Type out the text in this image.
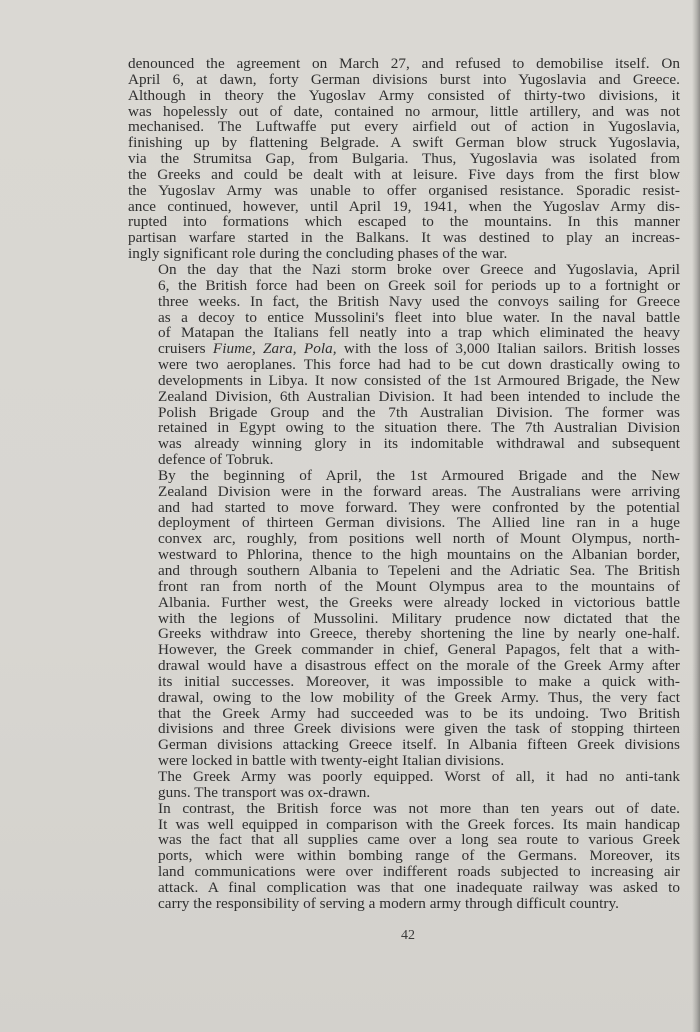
denounced the agreement on March 27, and refused to demobilise itself. On
April 6, at dawn, forty German divisions burst into Yugoslavia and Greece.
Although in theory the Yugoslav Army consisted of thirty-two divisions, it
was hopelessly out of date, contained no armour, little artillery, and was not
mechanised. The Luftwaffe put every airfield out of action in Yugoslavia,
finishing up by flattening Belgrade. A swift German blow struck Yugoslavia,
via the Strumitsa Gap, from Bulgaria. Thus, Yugoslavia was isolated from
the Greeks and could be dealt with at leisure. Five days from the first blow
the Yugoslav Army was unable to offer organised resistance. Sporadic resist-
ance continued, however, until April 19, 1941, when the Yugoslav Army dis-
rupted into formations which escaped to the mountains. In this manner
partisan warfare started in the Balkans. It was destined to play an increas-
ingly significant role during the concluding phases of the war.
On the day that the Nazi storm broke over Greece and Yugoslavia, April
6, the British force had been on Greek soil for periods up to a fortnight or
three weeks. In fact, the British Navy used the convoys sailing for Greece
as a decoy to entice Mussolini's fleet into blue water. In the naval battle
of Matapan the Italians fell neatly into a trap which eliminated the heavy
cruisers Fiume, Zara, Pola, with the loss of 3,000 Italian sailors. British losses
were two aeroplanes. This force had had to be cut down drastically owing to
developments in Libya. It now consisted of the 1st Armoured Brigade, the New
Zealand Division, 6th Australian Division. It had been intended to include the
Polish Brigade Group and the 7th Australian Division. The former was
retained in Egypt owing to the situation there. The 7th Australian Division
was already winning glory in its indomitable withdrawal and subsequent
defence of Tobruk.
By the beginning of April, the 1st Armoured Brigade and the New
Zealand Division were in the forward areas. The Australians were arriving
and had started to move forward. They were confronted by the potential
deployment of thirteen German divisions. The Allied line ran in a huge
convex arc, roughly, from positions well north of Mount Olympus, north-
westward to Phlorina, thence to the high mountains on the Albanian border,
and through southern Albania to Tepeleni and the Adriatic Sea. The British
front ran from north of the Mount Olympus area to the mountains of
Albania. Further west, the Greeks were already locked in victorious battle
with the legions of Mussolini. Military prudence now dictated that the
Greeks withdraw into Greece, thereby shortening the line by nearly one-half.
However, the Greek commander in chief, General Papagos, felt that a with-
drawal would have a disastrous effect on the morale of the Greek Army after
its initial successes. Moreover, it was impossible to make a quick with-
drawal, owing to the low mobility of the Greek Army. Thus, the very fact
that the Greek Army had succeeded was to be its undoing. Two British
divisions and three Greek divisions were given the task of stopping thirteen
German divisions attacking Greece itself. In Albania fifteen Greek divisions
were locked in battle with twenty-eight Italian divisions.
The Greek Army was poorly equipped. Worst of all, it had no anti-tank
guns. The transport was ox-drawn.
In contrast, the British force was not more than ten years out of date.
It was well equipped in comparison with the Greek forces. Its main handicap
was the fact that all supplies came over a long sea route to various Greek
ports, which were within bombing range of the Germans. Moreover, its
land communications were over indifferent roads subjected to increasing air
attack. A final complication was that one inadequate railway was asked to
carry the responsibility of serving a modern army through difficult country.
42
